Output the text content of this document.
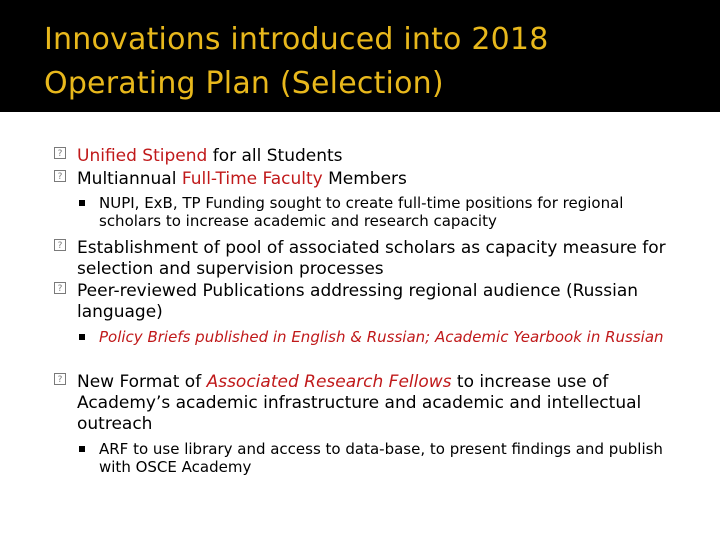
Innovations introduced into 2018
Operating Plan (Selection)
? Unified Stipend for all Students
? Multiannual Full-Time Faculty Members
NUPI, ExB, TP Funding sought to create full-time positions for regional scholars to increase academic and research capacity
? Establishment of pool of associated scholars as capacity measure for selection and supervision processes
? Peer-reviewed Publications addressing regional audience (Russian language)
Policy Briefs published in English & Russian; Academic Yearbook in Russian
? New Format of Associated Research Fellows to increase use of Academy’s academic infrastructure and academic and intellectual outreach
ARF to use library and access to data-base, to present findings and publish with OSCE Academy
